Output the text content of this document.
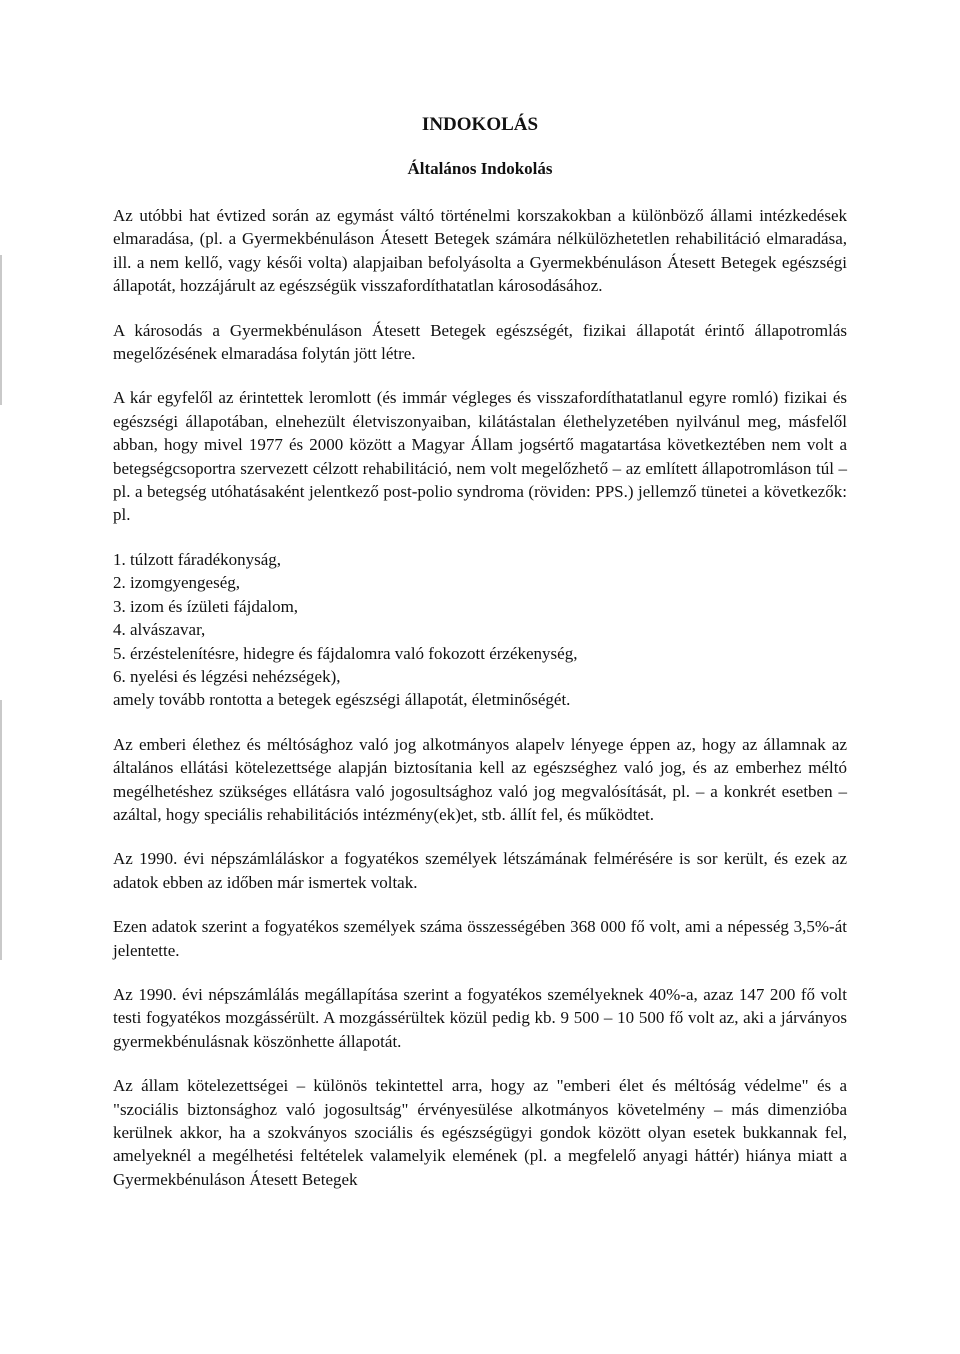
INDOKOLÁS
Általános Indokolás

Az utóbbi hat évtized során az egymást váltó történelmi korszakokban a különböző állami intézkedések elmaradása, (pl. a Gyermekbénuláson Átesett Betegek számára nélkülözhetetlen rehabilitáció elmaradása, ill. a nem kellő, vagy késői volta) alapjaiban befolyásolta a Gyermekbénuláson Átesett Betegek egészségi állapotát, hozzájárult az egészségük visszafordíthatatlan károsodásához.

A károsodás a Gyermekbénuláson Átesett Betegek egészségét, fizikai állapotát érintő állapotromlás megelőzésének elmaradása folytán jött létre.

A kár egyfelől az érintettek leromlott (és immár végleges és visszafordíthatatlanul egyre romló) fizikai és egészségi állapotában, elnehezült életviszonyaiban, kilátástalan élethelyzetében nyilvánul meg, másfelől abban, hogy mivel 1977 és 2000 között a Magyar Állam jogsértő magatartása következtében nem volt a betegségcsoportra szervezett célzott rehabilitáció, nem volt megelőzhető – az említett állapotromláson túl – pl. a betegség utóhatásaként jelentkező post-polio syndroma (röviden: PPS.) jellemző tünetei a következők: pl.

1. túlzott fáradékonyság,
2. izomgyengeség,
3. izom és ízületi fájdalom,
4. alvászavar,
5. érzéstelenítésre, hidegre és fájdalomra való fokozott érzékenység,
6. nyelési és légzési nehézségek),

amely tovább rontotta a betegek egészségi állapotát, életminőségét.

Az emberi élethez és méltósághoz való jog alkotmányos alapelv lényege éppen az, hogy az államnak az általános ellátási kötelezettsége alapján biztosítania kell az egészséghez való jog, és az emberhez méltó megélhetéshez szükséges ellátásra való jogosultsághoz való jog megvalósítását, pl. – a konkrét esetben – azáltal, hogy speciális rehabilitációs intézmény(ek)et, stb. állít fel, és működtet.

Az 1990. évi népszámláláskor a fogyatékos személyek létszámának felmérésére is sor került, és ezek az adatok ebben az időben már ismertek voltak.

Ezen adatok szerint a fogyatékos személyek száma összességében 368 000 fő volt, ami a népesség 3,5%-át jelentette.

Az 1990. évi népszámlálás megállapítása szerint a fogyatékos személyeknek 40%-a, azaz 147 200 fő volt testi fogyatékos mozgássérült. A mozgássérültek közül pedig kb. 9 500 – 10 500 fő volt az, aki a járványos gyermekbénulásnak köszönhette állapotát.

Az állam kötelezettségei – különös tekintettel arra, hogy az "emberi élet és méltóság védelme" és a "szociális biztonsághoz való jogosultság" érvényesülése alkotmányos követelmény – más dimenzióba kerülnek akkor, ha a szokványos szociális és egészségügyi gondok között olyan esetek bukkannak fel, amelyeknél a megélhetési feltételek valamelyik elemének (pl. a megfelelő anyagi háttér) hiánya miatt a Gyermekbénuláson Átesett Betegek
